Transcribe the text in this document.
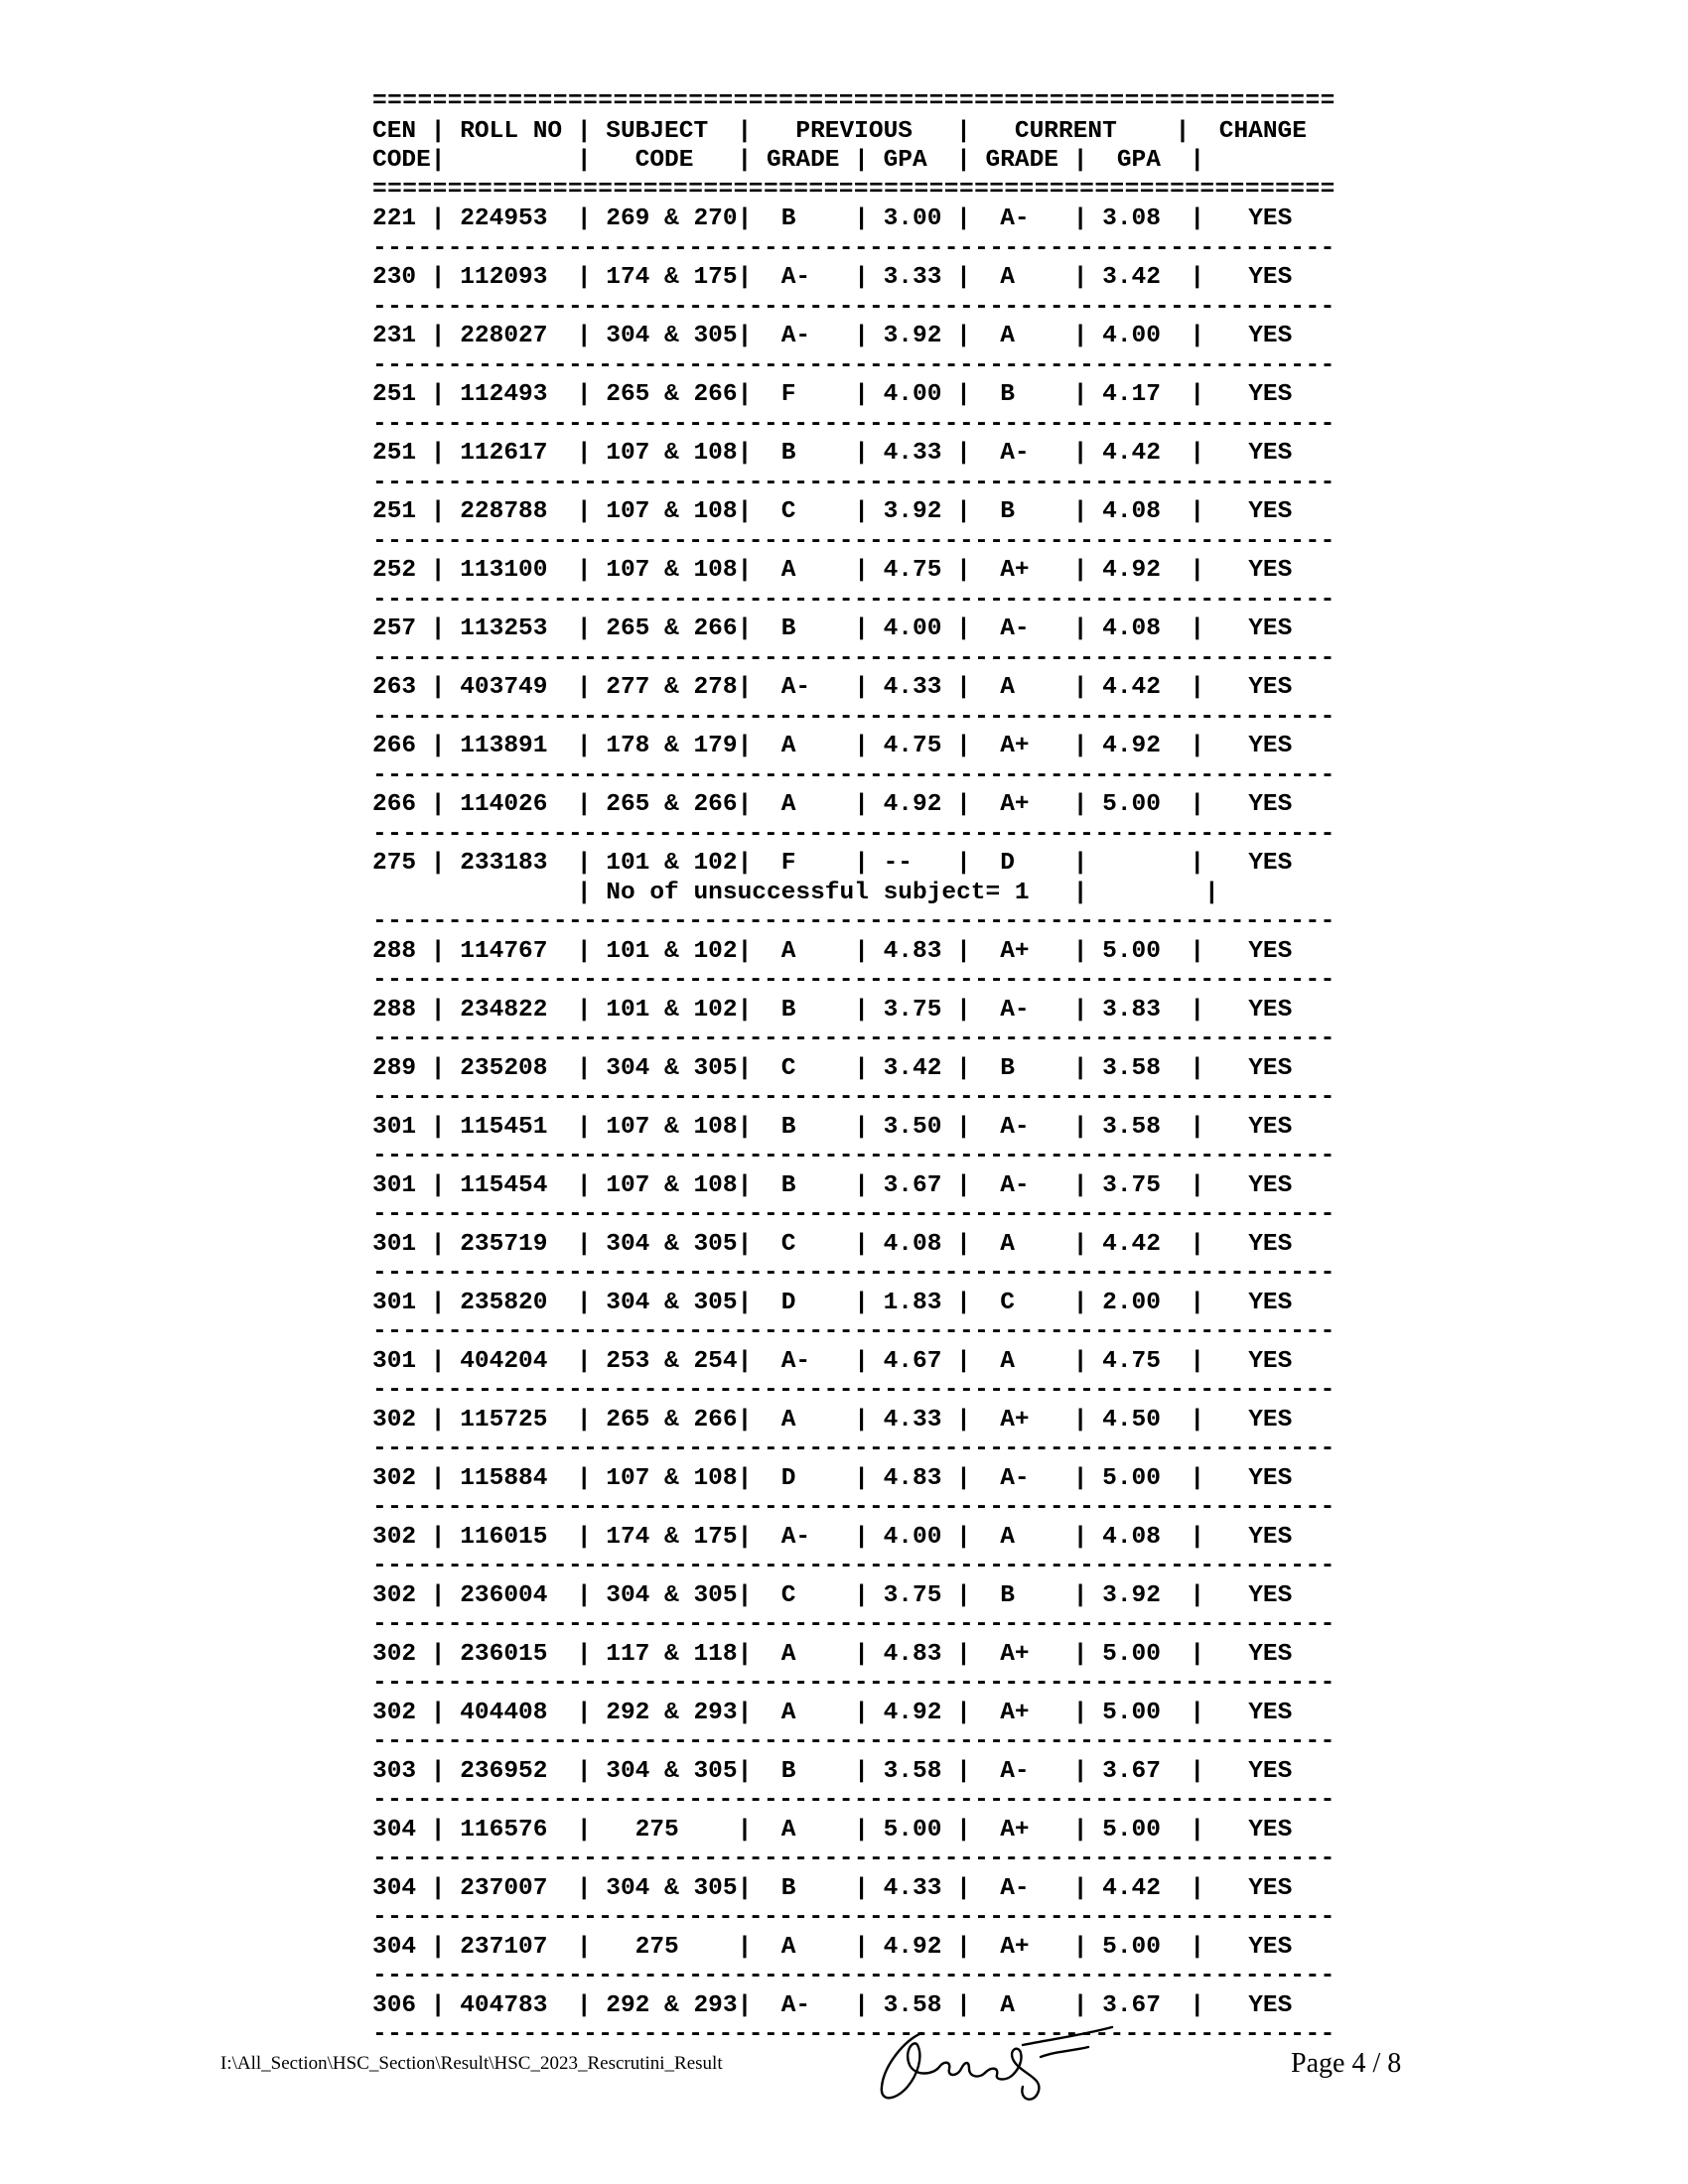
================================================================
CEN | ROLL NO | SUBJECT  |   PREVIOUS   |   CURRENT    |  CHANGE
CODE|         |   CODE   | GRADE | GPA  | GRADE |  GPA  |
================================================================
221 | 224953  | 269 & 270|  B    | 3.00 |  A-   | 3.08  |   YES
----------------------------------------------------------------
230 | 112093  | 174 & 175|  A-   | 3.33 |  A    | 3.42  |   YES
----------------------------------------------------------------
231 | 228027  | 304 & 305|  A-   | 3.92 |  A    | 4.00  |   YES
----------------------------------------------------------------
251 | 112493  | 265 & 266|  F    | 4.00 |  B    | 4.17  |   YES
----------------------------------------------------------------
251 | 112617  | 107 & 108|  B    | 4.33 |  A-   | 4.42  |   YES
----------------------------------------------------------------
251 | 228788  | 107 & 108|  C    | 3.92 |  B    | 4.08  |   YES
----------------------------------------------------------------
252 | 113100  | 107 & 108|  A    | 4.75 |  A+   | 4.92  |   YES
----------------------------------------------------------------
257 | 113253  | 265 & 266|  B    | 4.00 |  A-   | 4.08  |   YES
----------------------------------------------------------------
263 | 403749  | 277 & 278|  A-   | 4.33 |  A    | 4.42  |   YES
----------------------------------------------------------------
266 | 113891  | 178 & 179|  A    | 4.75 |  A+   | 4.92  |   YES
----------------------------------------------------------------
266 | 114026  | 265 & 266|  A    | 4.92 |  A+   | 5.00  |   YES
----------------------------------------------------------------
275 | 233183  | 101 & 102|  F    | --   |  D    |       |   YES
| No of unsuccessful subject= 1   |        |
----------------------------------------------------------------
288 | 114767  | 101 & 102|  A    | 4.83 |  A+   | 5.00  |   YES
----------------------------------------------------------------
288 | 234822  | 101 & 102|  B    | 3.75 |  A-   | 3.83  |   YES
----------------------------------------------------------------
289 | 235208  | 304 & 305|  C    | 3.42 |  B    | 3.58  |   YES
----------------------------------------------------------------
301 | 115451  | 107 & 108|  B    | 3.50 |  A-   | 3.58  |   YES
----------------------------------------------------------------
301 | 115454  | 107 & 108|  B    | 3.67 |  A-   | 3.75  |   YES
----------------------------------------------------------------
301 | 235719  | 304 & 305|  C    | 4.08 |  A    | 4.42  |   YES
----------------------------------------------------------------
301 | 235820  | 304 & 305|  D    | 1.83 |  C    | 2.00  |   YES
----------------------------------------------------------------
301 | 404204  | 253 & 254|  A-   | 4.67 |  A    | 4.75  |   YES
----------------------------------------------------------------
302 | 115725  | 265 & 266|  A    | 4.33 |  A+   | 4.50  |   YES
----------------------------------------------------------------
302 | 115884  | 107 & 108|  D    | 4.83 |  A-   | 5.00  |   YES
----------------------------------------------------------------
302 | 116015  | 174 & 175|  A-   | 4.00 |  A    | 4.08  |   YES
----------------------------------------------------------------
302 | 236004  | 304 & 305|  C    | 3.75 |  B    | 3.92  |   YES
----------------------------------------------------------------
302 | 236015  | 117 & 118|  A    | 4.83 |  A+   | 5.00  |   YES
----------------------------------------------------------------
302 | 404408  | 292 & 293|  A    | 4.92 |  A+   | 5.00  |   YES
----------------------------------------------------------------
303 | 236952  | 304 & 305|  B    | 3.58 |  A-   | 3.67  |   YES
----------------------------------------------------------------
304 | 116576  |   275    |  A    | 5.00 |  A+   | 5.00  |   YES
----------------------------------------------------------------
304 | 237007  | 304 & 305|  B    | 4.33 |  A-   | 4.42  |   YES
----------------------------------------------------------------
304 | 237107  |   275    |  A    | 4.92 |  A+   | 5.00  |   YES
----------------------------------------------------------------
306 | 404783  | 292 & 293|  A-   | 3.58 |  A    | 3.67  |   YES
----------------------------------------------------------------
I:\All_Section\HSC_Section\Result\HSC_2023_Rescrutini_Result	Page 4 / 8
